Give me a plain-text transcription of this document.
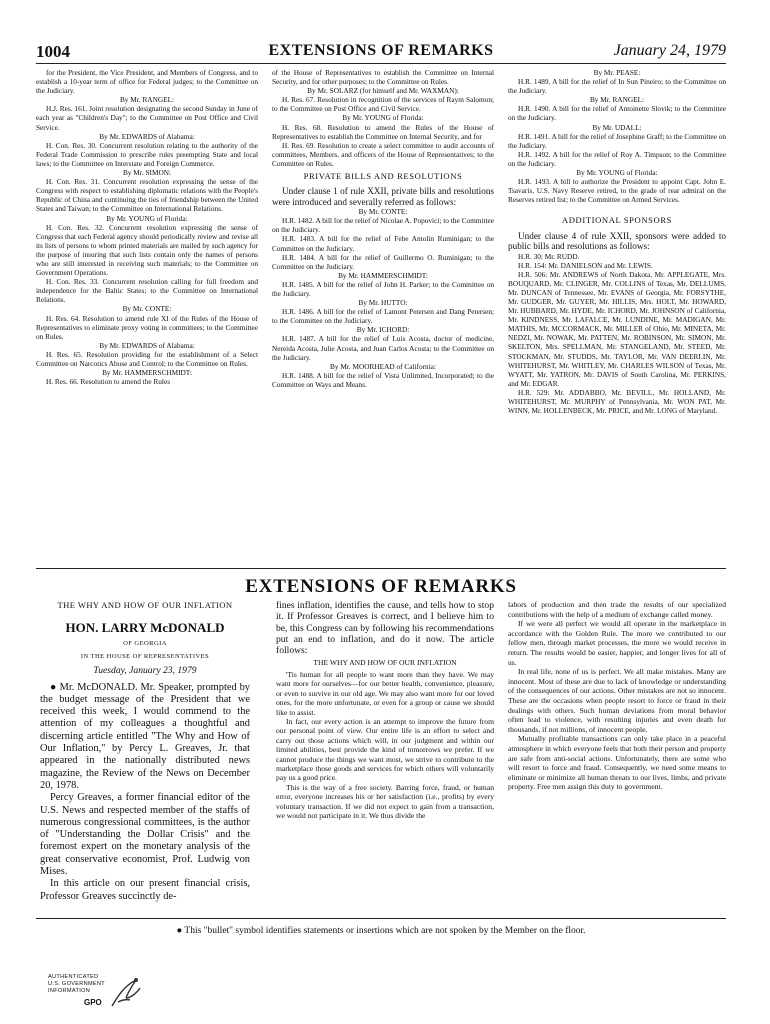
1004	EXTENSIONS OF REMARKS	January 24, 1979

for the President, the Vice President, and Members of Congress, and to establish a 10-year term of office for Federal judges; to the Committee on the Judiciary.

By Mr. RANGEL:

H.J. Res. 161. Joint resolution designating the second Sunday in June of each year as "Children's Day"; to the Committee on Post Office and Civil Service.

By Mr. EDWARDS of Alabama:

H. Con. Res. 30. Concurrent resolution relating to the authority of the Federal Trade Commission to prescribe rules preempting State and local laws; to the Committee on Interstate and Foreign Commerce.

By Mr. SIMON:

H. Con. Res. 31. Concurrent resolution expressing the sense of the Congress with respect to establishing diplomatic relations with the People's Republic of China and continuing the ties of friendship between the United States and Taiwan; to the Committee on International Relations.

By Mr. YOUNG of Florida:

H. Con. Res. 32. Concurrent resolution expressing the sense of Congress that each Federal agency should periodically review and revise all its lists of persons to whom printed materials are mailed by such agency for the purpose of insuring that such lists contain only the names of persons who are still interested in receiving such materials; to the Committee on Government Operations.

H. Con. Res. 33. Concurrent resolution calling for full freedom and independence for the Baltic States; to the Committee on International Relations.

By Mr. CONTE:

H. Res. 64. Resolution to amend rule XI of the Rules of the House of Representatives to eliminate proxy voting in committees; to the Committee on Rules.

By Mr. EDWARDS of Alabama:

H. Res. 65. Resolution providing for the establishment of a Select Committee on Narcotics Abuse and Control; to the Committee on Rules.

By Mr. HAMMERSCHMIDT:

H. Res. 66. Resolution to amend the Rules

of the House of Representatives to establish the Committee on Internal Security, and for other purposes; to the Committee on Rules.

By Mr. SOLARZ (for himself and Mr. WAXMAN):

H. Res. 67. Resolution in recognition of the services of Raym Salomon; to the Committee on Post Office and Civil Service.

By Mr. YOUNG of Florida:

H. Res. 68. Resolution to amend the Rules of the House of Representatives to establish the Committee on Internal Security, and for

H. Res. 69. Resolution to create a select committee to audit accounts of committees, Members, and officers of the House of Representatives; to the Committee on Rules.

PRIVATE BILLS AND RESOLUTIONS

Under clause 1 of rule XXII, private bills and resolutions were introduced and severally referred as follows:

By Mr. CONTE:

H.R. 1482. A bill for the relief of Nicolae A. Popovici; to the Committee on the Judiciary.

H.R. 1483. A bill for the relief of Febe Antolin Ruminigan; to the Committee on the Judiciary.

H.R. 1484. A bill for the relief of Guillermo O. Ruminigan; to the Committee on the Judiciary.

By Mr. HAMMERSCHMIDT:

H.R. 1485. A bill for the relief of John H. Parker; to the Committee on the Judiciary.

By Mr. HUTTO:

H.R. 1486. A bill for the relief of Lamont Petersen and Dang Petersen; to the Committee on the Judiciary.

By Mr. ICHORD:

H.R. 1487. A bill for the relief of Luis Acosta, doctor of medicine, Nereida Acosta, Julie Acosta, and Juan Carlos Acosta; to the Committee on the Judiciary.

By Mr. MOORHEAD of California:

H.R. 1488. A bill for the relief of Vista Unlimited, Incorporated; to the Committee on Ways and Means.

By Mr. PEASE:

H.R. 1489. A bill for the relief of In Sun Pineiro; to the Committee on the Judiciary.

By Mr. RANGEL:

H.R. 1490. A bill for the relief of Antoinette Slovik; to the Committee on the Judiciary.

By Mr. UDALL:

H.R. 1491. A bill for the relief of Josephine Graff; to the Committee on the Judiciary.

H.R. 1492. A bill for the relief of Roy A. Timpson; to the Committee on the Judiciary.

By Mr. YOUNG of Florida:

H.R. 1493. A bill to authorize the President to appoint Capt. John E. Tsavaris, U.S. Navy Reserve retired, to the grade of rear admiral on the Reserves retired list; to the Committee on Armed Services.

ADDITIONAL SPONSORS

Under clause 4 of rule XXII, sponsors were added to public bills and resolutions as follows:

H.R. 30: Mr. RUDD.

H.R. 154: Mr. DANIELSON and Mr. LEWIS.

H.R. 506: Mr. ANDREWS of North Dakota, Mr. APPLEGATE, Mrs. BOUQUARD, Mr. CLINGER, Mr. COLLINS of Texas, Mr. DELLUMS, Mr. DUNCAN of Tennessee, Mr. EVANS of Georgia, Mr. FORSYTHE, Mr. GUDGER, Mr. GUYER, Mr. HILLIS, Mrs. HOLT, Mr. HOWARD, Mr. HUBBARD, Mr. HYDE, Mr. ICHORD, Mr. JOHNSON of California, Mr. KINDNESS, Mr. LAFALCE, Mr. LUNDINE, Mr. MADIGAN, Mr. MATHIS, Mr. MCCORMACK, Mr. MILLER of Ohio, Mr. MINETA, Mr. NEDZI, Mr. NOWAK, Mr. PATTEN, Mr. ROBINSON, Mr. SIMON, Mr. SKELTON, Mrs. SPELLMAN, Mr. STANGELAND, Mr. STEED, Mr. STOCKMAN, Mr. STUDDS, Mr. TAYLOR, Mr. VAN DEERLIN, Mr. WHITEHURST, Mr. WHITLEY, Mr. CHARLES WILSON of Texas, Mr. WYATT, Mr. YATRON, Mr. DAVIS of South Carolina, Mr. PERKINS, and Mr. EDGAR.

H.R. 529: Mr. ADDABBO, Mr. BEVILL, Mr. HOLLAND, Mr. WHITEHURST, Mr. MURPHY of Pennsylvania, Mr. WON PAT, Mr. WINN, Mr. HOLLENBECK, Mr. PRICE, and Mr. LONG of Maryland.

EXTENSIONS OF REMARKS

THE WHY AND HOW OF OUR INFLATION

HON. LARRY McDONALD

OF GEORGIA

IN THE HOUSE OF REPRESENTATIVES

Tuesday, January 23, 1979

● Mr. McDONALD. Mr. Speaker, prompted by the budget message of the President that we received this week, I would commend to the attention of my colleagues a thoughtful and discerning article entitled "The Why and How of Our Inflation," by Percy L. Greaves, Jr. that appeared in the nationally distributed news magazine, the Review of the News on December 20, 1978.

Percy Greaves, a former financial editor of the U.S. News and respected member of the staffs of numerous congressional committees, is the author of "Understanding the Dollar Crisis" and the foremost expert on the monetary analysis of the great conservative economist, Prof. Ludwig von Mises.

In this article on our present financial crisis, Professor Greaves succinctly de-

fines inflation, identifies the cause, and tells how to stop it. If Professor Greaves is correct, and I believe him to be, this Congress can by following his recommendations put an end to inflation, and do it now. The article follows:

THE WHY AND HOW OF OUR INFLATION

'Tis human for all people to want more than they have. We may want more for ourselves—for our better health, convenience, pleasure, or even to survive in our old age. We may also want more for our loved ones, for the more unfortunate, or even for a group or cause we should like to assist.

In fact, our every action is an attempt to improve the future from our personal point of view. Our entire life is an effort to select and carry out those actions which will, in our judgment and within our limited abilities, best provide the kind of tomorrows we prefer. If we cannot produce the things we want most, we strive to contribute to the marketplace those goods and services for which others will voluntarily pay us a good price.

This is the way of a free society. Barring force, fraud, or human error, everyone increases his or her satisfaction (i.e., profits) by every voluntary transaction. If we did not expect to gain from a transaction, we would not participate in it. We thus divide the

labors of production and then trade the results of our specialized contributions with the help of a medium of exchange called money.

If we were all perfect we would all operate in the marketplace in accordance with the Golden Rule. The more we contributed to our fellow men, through market processes, the more we would receive in return. The results would be easier, happier, and longer lives for all of us.

In real life, none of us is perfect. We all make mistakes. Many are innocent. Most of these are due to lack of knowledge or understanding of the consequences of our actions. Other mistakes are not so innocent. These are the occasions when people resort to force or fraud in their dealings with others. Such human deviations from moral behavior often lead to violence, with resulting injuries and even death for thousands, if not millions, of innocent people.

Mutually profitable transactions can only take place in a peaceful atmosphere in which everyone feels that both their person and property are safe from anti-social actions. Unfortunately, there are some who will resort to force and fraud. Consequently, we need some means to eliminate or minimize all human threats to our lives, limbs, and private property. Free men assign this duty to government.

● This "bullet" symbol identifies statements or insertions which are not spoken by the Member on the floor.
AUTHENTICATED
U.S. GOVERNMENT
INFORMATION
GPO
